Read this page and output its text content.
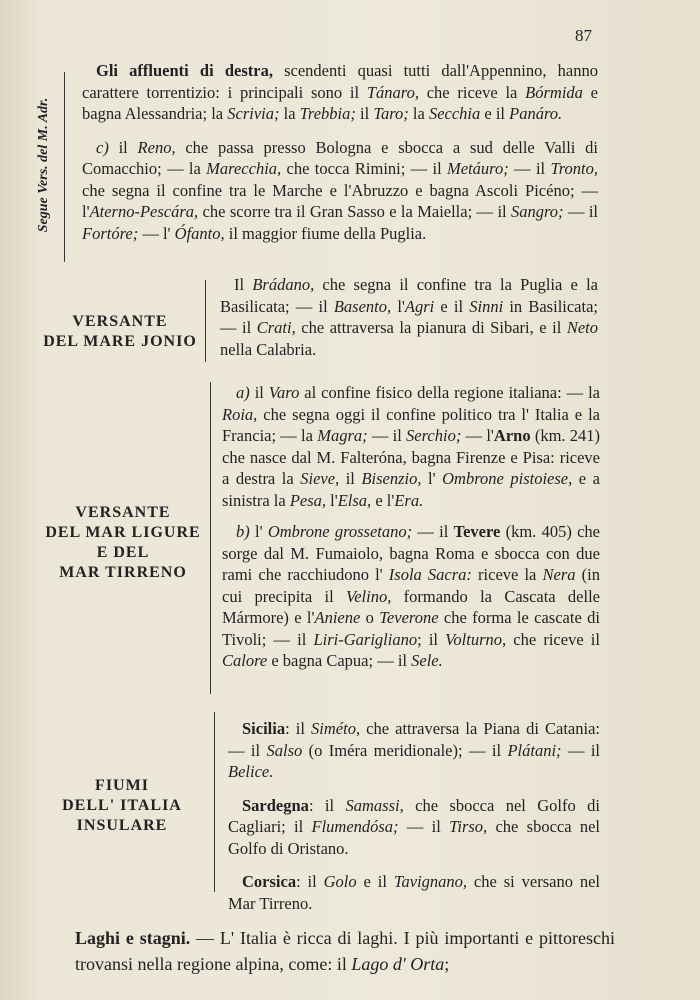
87
Segue Vers. del M. Adr.

Gli affluenti di destra, scendenti quasi tutti dall'Appennino, hanno carattere torrentizio: i principali sono il Tánaro, che riceve la Bórmida e bagna Alessandria; la Scrivia; la Trebbia; il Taro; la Secchia e il Panáro.

c) il Reno, che passa presso Bologna e sbocca a sud delle Valli di Comacchio; — la Marecchia, che tocca Rimini; — il Metáuro; — il Tronto, che segna il confine tra le Marche e l'Abruzzo e bagna Ascoli Picéno; — l'Aterno-Pescára, che scorre tra il Gran Sasso e la Maiella; — il Sangro; — il Fortóre; — l' Ófanto, il maggior fiume della Puglia.

VERSANTE
DEL MARE JONIO

Il Brádano, che segna il confine tra la Puglia e la Basilicata; — il Basento, l'Agri e il Sinni in Basilicata; — il Crati, che attraversa la pianura di Sibari, e il Neto nella Calabria.

VERSANTE
DEL MAR LIGURE
E DEL
MAR TIRRENO

a) il Varo al confine fisico della regione italiana: — la Roia, che segna oggi il confine politico tra l' Italia e la Francia; — la Magra; — il Serchio; — l'Arno (km. 241) che nasce dal M. Falteróna, bagna Firenze e Pisa: riceve a destra la Sieve, il Bisenzio, l' Ombrone pistoiese, e a sinistra la Pesa, l'Elsa, e l'Era.

b) l' Ombrone grossetano; — il Tevere (km. 405) che sorge dal M. Fumaiolo, bagna Roma e sbocca con due rami che racchiudono l' Isola Sacra: riceve la Nera (in cui precipita il Velino, formando la Cascata delle Mármore) e l'Aniene o Teverone che forma le cascate di Tivoli; — il Liri-Garigliano; il Volturno, che riceve il Calore e bagna Capua; — il Sele.

FIUMI
DELL' ITALIA
INSULARE

Sicilia: il Siméto, che attraversa la Piana di Catania: — il Salso (o Iméra meridionale); — il Plátani; — il Belice.

Sardegna: il Samassi, che sbocca nel Golfo di Cagliari; il Flumendósa; — il Tirso, che sbocca nel Golfo di Oristano.

Corsica: il Golo e il Tavignano, che si versano nel Mar Tirreno.

Laghi e stagni. — L' Italia è ricca di laghi. I più importanti e pittoreschi trovansi nella regione alpina, come: il Lago d' Orta;
